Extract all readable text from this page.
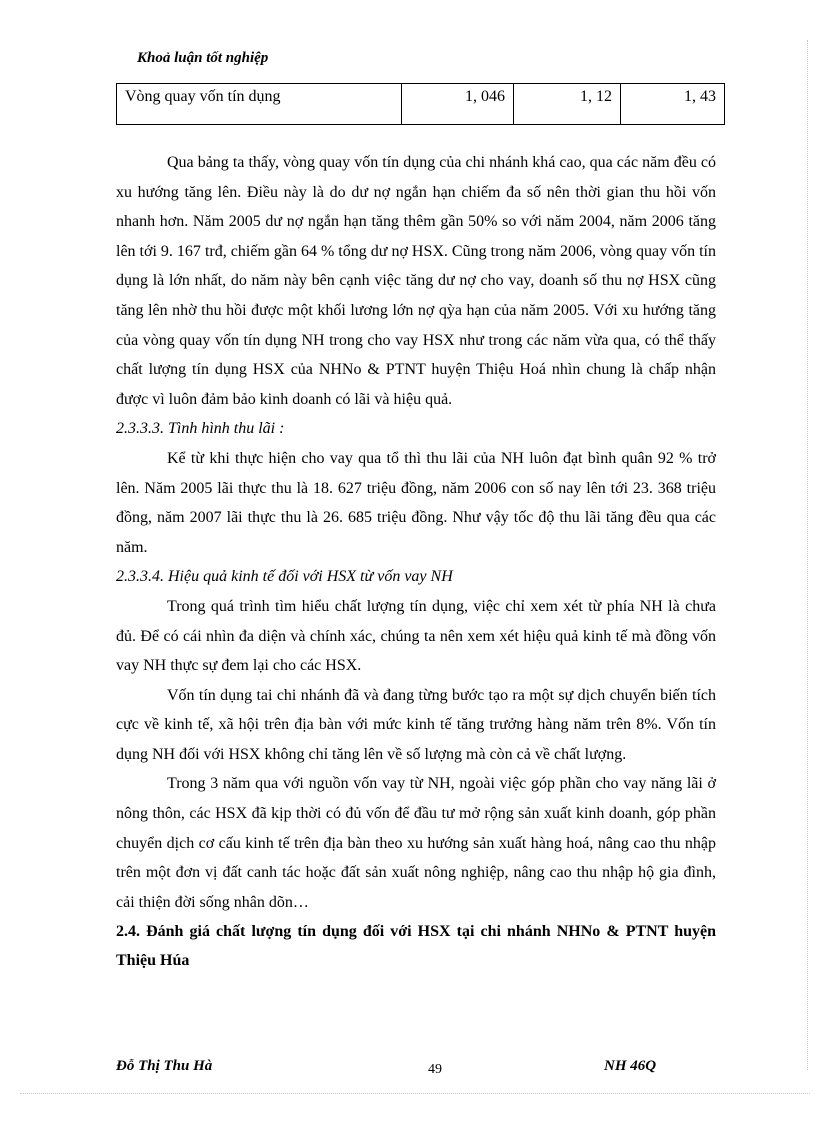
Khoả luận tốt nghiệp
Vòng quay vốn tín dụng	1, 046	1, 12	1, 43

Qua bảng ta thấy, vòng quay vốn tín dụng của chi nhánh khá cao, qua các năm đều có xu hướng tăng lên. Điều này là do dư nợ ngắn hạn chiếm đa số nên thời gian thu hồi vốn nhanh hơn. Năm 2005 dư nợ ngắn hạn tăng thêm gần 50% so với năm 2004, năm 2006 tăng lên tới 9. 167 trđ, chiếm gần 64 % tổng dư nợ HSX. Cũng trong năm 2006, vòng quay vốn tín dụng là lớn nhất, do năm này bên cạnh việc tăng dư nợ cho vay, doanh số thu nợ HSX cũng tăng lên nhờ thu hồi được một khối lương lớn nợ qỳa hạn của năm 2005. Với xu hướng tăng của vòng quay vốn tín dụng NH trong cho vay HSX như trong các năm vừa qua, có thể thấy chất lượng tín dụng HSX của NHNo & PTNT huyện Thiệu Hoá nhìn chung là chấp nhận được vì luôn đảm bảo kinh doanh có lãi và hiệu quả.

2.3.3.3. Tình hình thu lãi :

Kể từ khi thực hiện cho vay qua tổ thì thu lãi của NH luôn đạt bình quân 92 % trở lên. Năm 2005 lãi thực thu là 18. 627 triệu đồng, năm 2006 con số nay lên tới 23. 368 triệu đồng, năm 2007 lãi thực thu là 26. 685 triệu đồng. Như vậy tốc độ thu lãi tăng đều qua các năm.

2.3.3.4. Hiệu quả kinh tế đối với HSX từ vốn vay NH

Trong quá trình tìm hiểu chất lượng tín dụng, việc chỉ xem xét từ phía NH là chưa đủ. Để có cái nhìn đa diện và chính xác, chúng ta nên xem xét hiệu quả kinh tế mà đồng vốn vay NH thực sự đem lại cho các HSX.

Vốn tín dụng tai chi nhánh đã và đang từng bước tạo ra một sự dịch chuyển biến tích cực về kinh tế, xã hội trên địa bàn với mức kinh tế tăng trưởng hàng năm trên 8%. Vốn tín dụng NH đối với HSX không chỉ tăng lên về số lượng mà còn cả về chất lượng.

Trong 3 năm qua với nguồn vốn vay từ NH, ngoài việc góp phần cho vay năng lãi ở nông thôn, các HSX đã kịp thời có đủ vốn để đầu tư mở rộng sản xuất kinh doanh, góp phần chuyển dịch cơ cấu kinh tế trên địa bàn theo xu hướng sản xuất hàng hoá, nâng cao thu nhập trên một đơn vị đất canh tác hoặc đất sản xuất nông nghiệp, nâng cao thu nhập hộ gia đình, cải thiện đời sống nhân dõn…

2.4. Đánh giá chất lượng tín dụng đối với HSX tại chi nhánh NHNo & PTNT huyện Thiệu Húa
Đỗ Thị Thu Hà	49	NH 46Q
